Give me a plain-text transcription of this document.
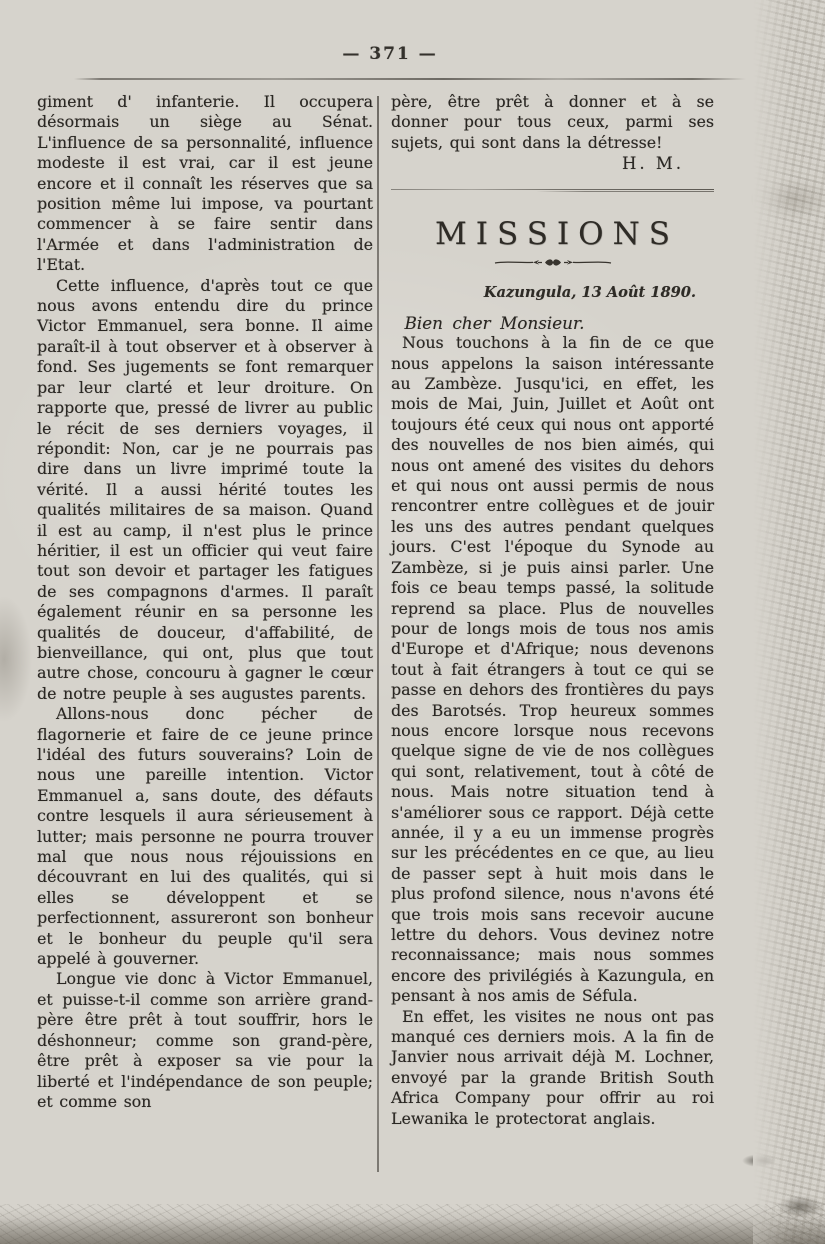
— 371 —

giment d' infanterie. Il occupera désormais un siège au Sénat. L'influence de sa personnalité, influence modeste il est vrai, car il est jeune encore et il connaît les réserves que sa position même lui impose, va pourtant commencer à se faire sentir dans l'Armée et dans l'administration de l'Etat.

Cette influence, d'après tout ce que nous avons entendu dire du prince Victor Emmanuel, sera bonne. Il aime paraît-il à tout observer et à observer à fond. Ses jugements se font remarquer par leur clarté et leur droiture. On rapporte que, pressé de livrer au public le récit de ses derniers voyages, il répondit: Non, car je ne pourrais pas dire dans un livre imprimé toute la vérité. Il a aussi hérité toutes les qualités militaires de sa maison. Quand il est au camp, il n'est plus le prince héritier, il est un officier qui veut faire tout son devoir et partager les fatigues de ses compagnons d'armes. Il paraît également réunir en sa personne les qualités de douceur, d'affabilité, de bienveillance, qui ont, plus que tout autre chose, concouru à gagner le cœur de notre peuple à ses augustes parents.

Allons-nous donc pécher de flagornerie et faire de ce jeune prince l'idéal des futurs souverains? Loin de nous une pareille intention. Victor Emmanuel a, sans doute, des défauts contre lesquels il aura sérieusement à lutter; mais personne ne pourra trouver mal que nous nous réjouissions en découvrant en lui des qualités, qui si elles se développent et se perfectionnent, assureront son bonheur et le bonheur du peuple qu'il sera appelé à gouverner.

Longue vie donc à Victor Emmanuel, et puisse-t-il comme son arrière grand-père être prêt à tout souffrir, hors le déshonneur; comme son grand-père, être prêt à exposer sa vie pour la liberté et l'indépendance de son peuple; et comme son

père, être prêt à donner et à se donner pour tous ceux, parmi ses sujets, qui sont dans la détresse!

H. M.
MISSIONS
Kazungula, 13 Août 1890.
Bien cher Monsieur.

Nous touchons à la fin de ce que nous appelons la saison intéressante au Zambèze. Jusqu'ici, en effet, les mois de Mai, Juin, Juillet et Août ont toujours été ceux qui nous ont apporté des nouvelles de nos bien aimés, qui nous ont amené des visites du dehors et qui nous ont aussi permis de nous rencontrer entre collègues et de jouir les uns des autres pendant quelques jours. C'est l'époque du Synode au Zambèze, si je puis ainsi parler. Une fois ce beau temps passé, la solitude reprend sa place. Plus de nouvelles pour de longs mois de tous nos amis d'Europe et d'Afrique; nous devenons tout à fait étrangers à tout ce qui se passe en dehors des frontières du pays des Barotsés. Trop heureux sommes nous encore lorsque nous recevons quelque signe de vie de nos collègues qui sont, relativement, tout à côté de nous. Mais notre situation tend à s'améliorer sous ce rapport. Déjà cette année, il y a eu un immense progrès sur les précédentes en ce que, au lieu de passer sept à huit mois dans le plus profond silence, nous n'avons été que trois mois sans recevoir aucune lettre du dehors. Vous devinez notre reconnaissance; mais nous sommes encore des privilégiés à Kazungula, en pensant à nos amis de Séfula.

En effet, les visites ne nous ont pas manqué ces derniers mois. A la fin de Janvier nous arrivait déjà M. Lochner, envoyé par la grande British South Africa Company pour offrir au roi Lewanika le protectorat anglais.
